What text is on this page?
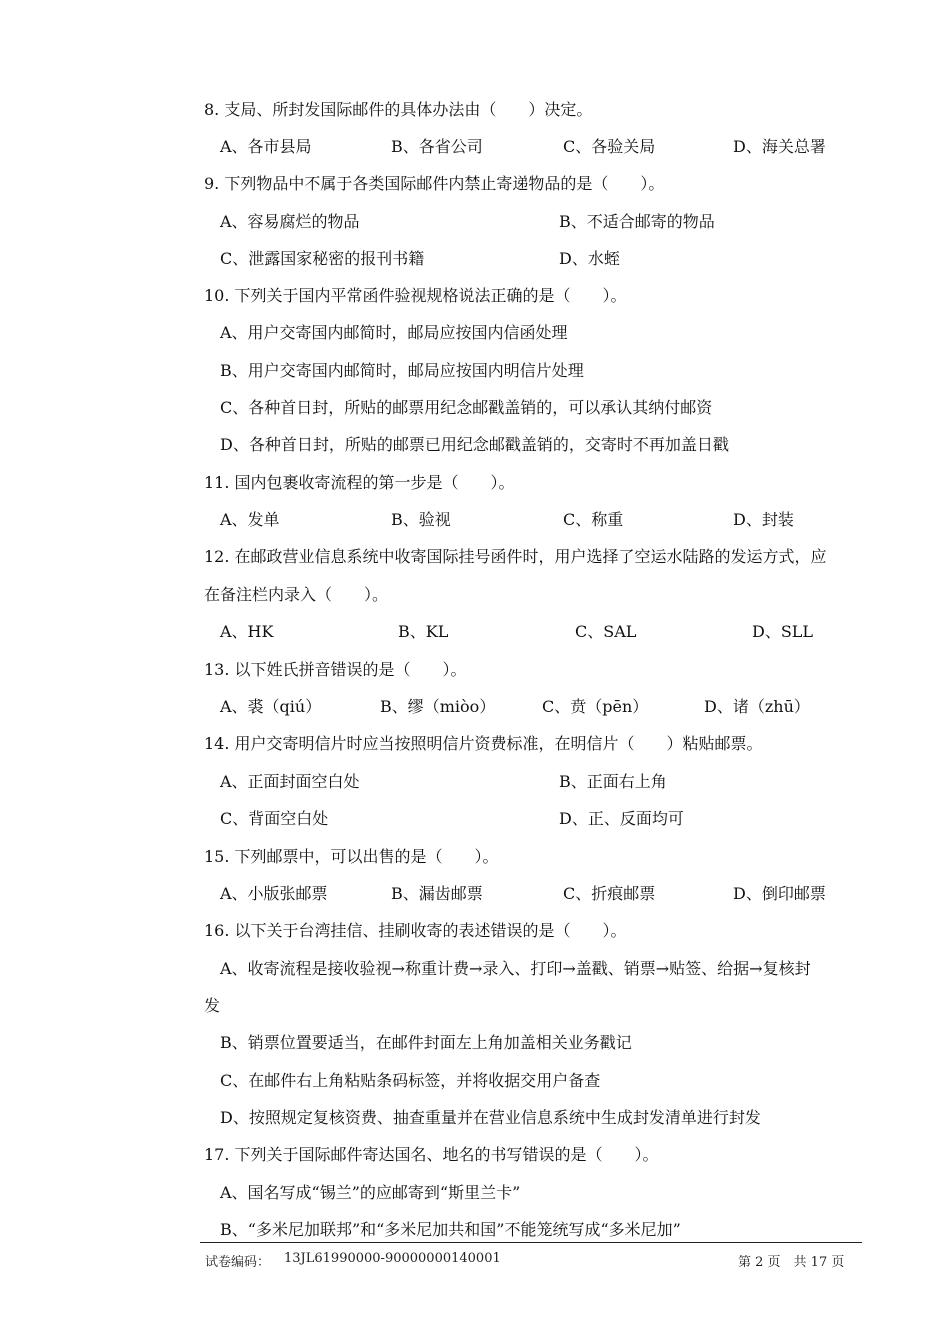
8. 支局、所封发国际邮件的具体办法由（　　）决定。
A、各市县局	B、各省公司	C、各验关局	D、海关总署
9. 下列物品中不属于各类国际邮件内禁止寄递物品的是（　　）。
A、容易腐烂的物品	B、不适合邮寄的物品
C、泄露国家秘密的报刊书籍	D、水蛭
10. 下列关于国内平常函件验视规格说法正确的是（　　）。
A、用户交寄国内邮简时，邮局应按国内信函处理
B、用户交寄国内邮简时，邮局应按国内明信片处理
C、各种首日封，所贴的邮票用纪念邮戳盖销的，可以承认其纳付邮资
D、各种首日封，所贴的邮票已用纪念邮戳盖销的，交寄时不再加盖日戳
11. 国内包裹收寄流程的第一步是（　　）。
A、发单	B、验视	C、称重	D、封装
12. 在邮政营业信息系统中收寄国际挂号函件时，用户选择了空运水陆路的发运方式，应
在备注栏内录入（　　）。
A、HK	B、KL	C、SAL	D、SLL
13. 以下姓氏拼音错误的是（　　）。
A、裘（qiú）	B、缪（miòo）	C、贲（pēn）	D、诸（zhū）
14. 用户交寄明信片时应当按照明信片资费标准，在明信片（　　）粘贴邮票。
A、正面封面空白处	B、正面右上角
C、背面空白处	D、正、反面均可
15. 下列邮票中，可以出售的是（　　）。
A、小版张邮票	B、漏齿邮票	C、折痕邮票	D、倒印邮票
16. 以下关于台湾挂信、挂刷收寄的表述错误的是（　　）。
A、收寄流程是接收验视→称重计费→录入、打印→盖戳、销票→贴签、给据→复核封
发
B、销票位置要适当，在邮件封面左上角加盖相关业务戳记
C、在邮件右上角粘贴条码标签，并将收据交用户备查
D、按照规定复核资费、抽查重量并在营业信息系统中生成封发清单进行封发
17. 下列关于国际邮件寄达国名、地名的书写错误的是（　　）。
A、国名写成“锡兰”的应邮寄到“斯里兰卡”
B、“多米尼加联邦”和“多米尼加共和国”不能笼统写成“多米尼加”
试卷编码： 13JL61990000-90000000140001	第 2 页　共 17 页
